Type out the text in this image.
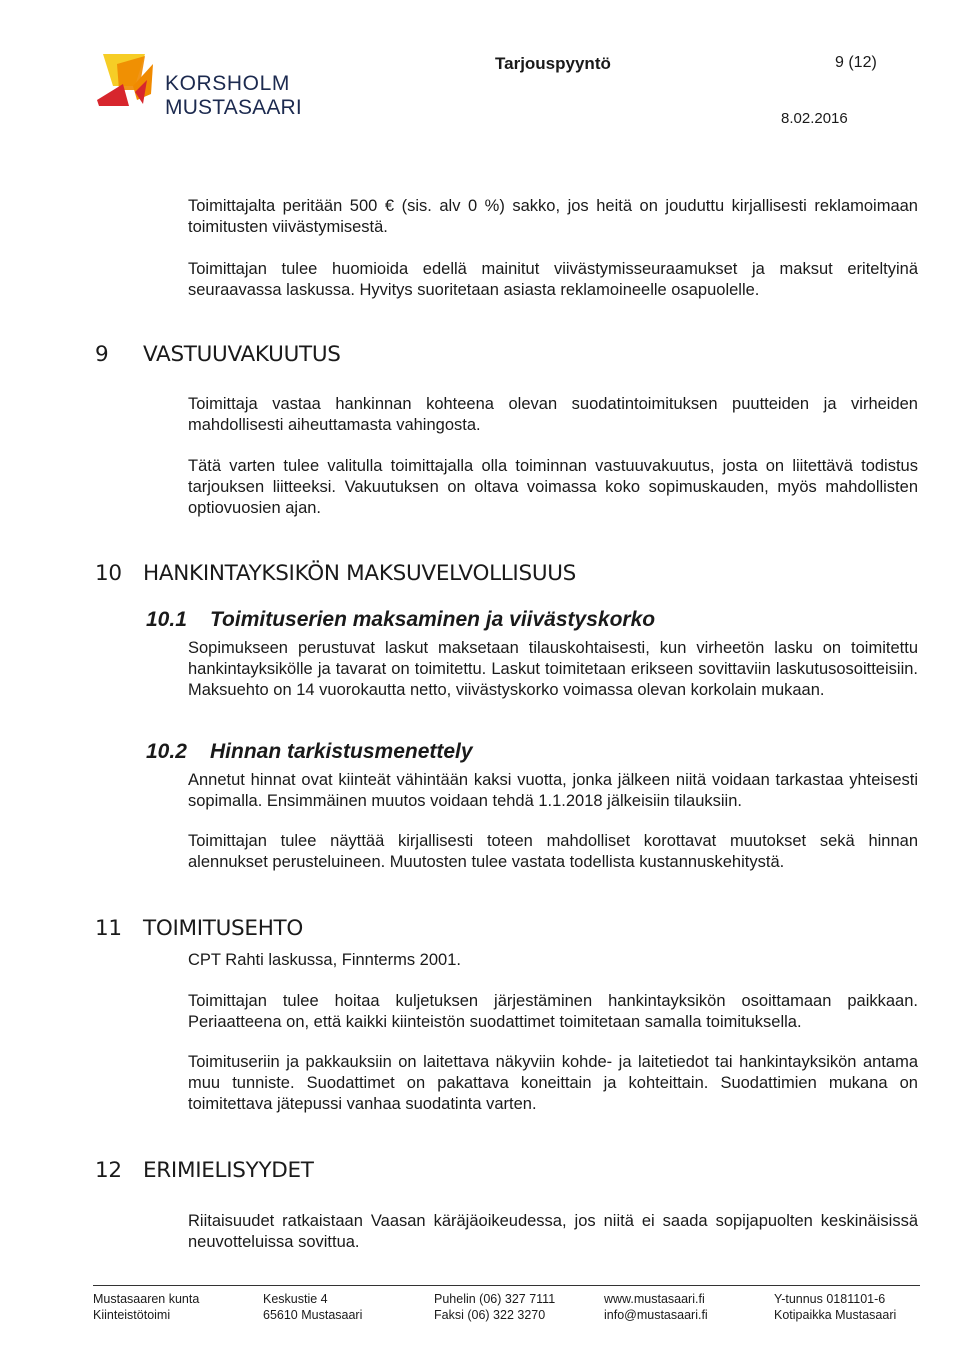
KORSHOLM
MUSTASAARI
Tarjouspyyntö	9 (12)
8.02.2016
Toimittajalta peritään 500 € (sis. alv 0 %) sakko, jos heitä on jouduttu kirjallisesti reklamoimaan toimitusten viivästymisestä.
Toimittajan tulee huomioida edellä mainitut viivästymisseuraamukset ja maksut eriteltyinä seuraavassa laskussa. Hyvitys suoritetaan asiasta reklamoineelle osapuolelle.
9 VASTUUVAKUUTUS
Toimittaja vastaa hankinnan kohteena olevan suodatintoimituksen puutteiden ja virheiden mahdollisesti aiheuttamasta vahingosta.
Tätä varten tulee valitulla toimittajalla olla toiminnan vastuuvakuutus, josta on liitettävä todistus tarjouksen liitteeksi. Vakuutuksen on oltava voimassa koko sopimuskauden, myös mahdollisten optiovuosien ajan.
10 HANKINTAYKSIKÖN MAKSUVELVOLLISUUS
10.1 Toimituserien maksaminen ja viivästyskorko
Sopimukseen perustuvat laskut maksetaan tilauskohtaisesti, kun virheetön lasku on toimitettu hankintayksikölle ja tavarat on toimitettu. Laskut toimitetaan erikseen sovittaviin laskutusosoitteisiin. Maksuehto on 14 vuorokautta netto, viivästyskorko voimassa olevan korkolain mukaan.
10.2 Hinnan tarkistusmenettely
Annetut hinnat ovat kiinteät vähintään kaksi vuotta, jonka jälkeen niitä voidaan tarkastaa yhteisesti sopimalla. Ensimmäinen muutos voidaan tehdä 1.1.2018 jälkeisiin tilauksiin.
Toimittajan tulee näyttää kirjallisesti toteen mahdolliset korottavat muutokset sekä hinnan alennukset perusteluineen. Muutosten tulee vastata todellista kustannuskehitystä.
11 TOIMITUSEHTO
CPT Rahti laskussa, Finnterms 2001.
Toimittajan tulee hoitaa kuljetuksen järjestäminen hankintayksikön osoittamaan paikkaan. Periaatteena on, että kaikki kiinteistön suodattimet toimitetaan samalla toimituksella.
Toimituseriin ja pakkauksiin on laitettava näkyviin kohde- ja laitetiedot tai hankintayksikön antama muu tunniste. Suodattimet on pakattava koneittain ja kohteittain. Suodattimien mukana on toimitettava jätepussi vanhaa suodatinta varten.
12 ERIMIELISYYDET
Riitaisuudet ratkaistaan Vaasan käräjäoikeudessa, jos niitä ei saada sopijapuolten keskinäisissä neuvotteluissa sovittua.
Mustasaaren kunta
Kiinteistötoimi
Keskustie 4
65610 Mustasaari
Puhelin (06) 327 7111
Faksi (06) 322 3270
www.mustasaari.fi
info@mustasaari.fi
Y-tunnus 0181101-6
Kotipaikka Mustasaari
